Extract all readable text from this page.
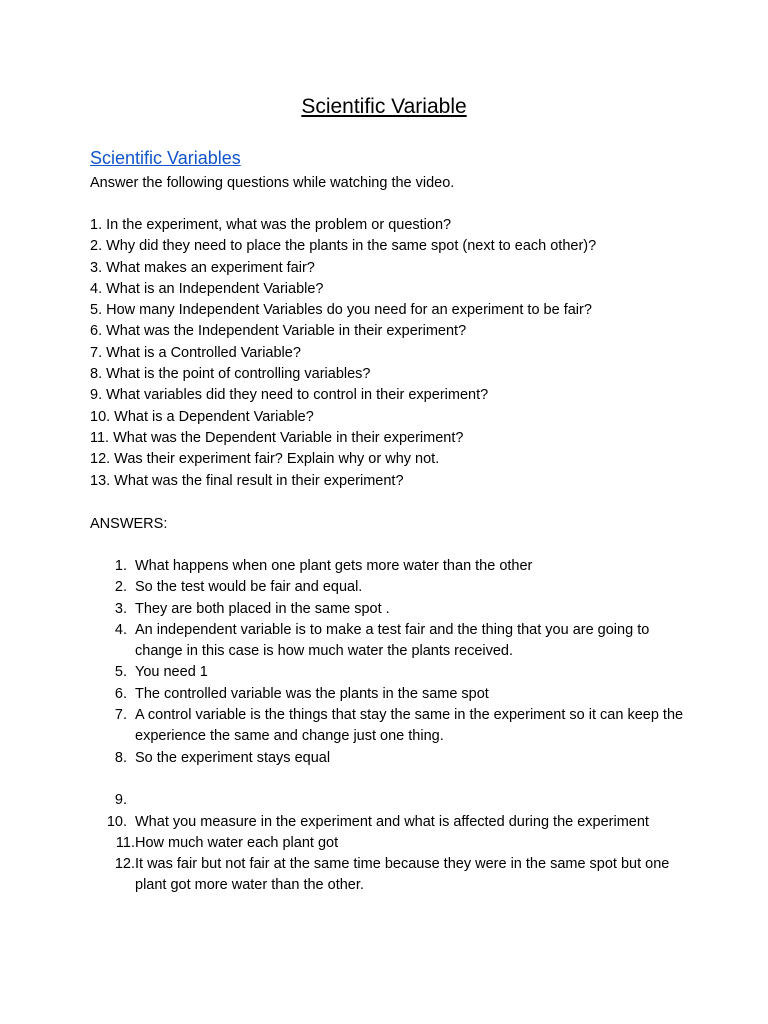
Scientific Variable
Scientific Variables
Answer the following questions while watching the video.
1. In the experiment, what was the problem or question?
2. Why did they need to place the plants in the same spot (next to each other)?
3. What makes an experiment fair?
4. What is an Independent Variable?
5. How many Independent Variables do you need for an experiment to be fair?
6. What was the Independent Variable in their experiment?
7. What is a Controlled Variable?
8. What is the point of controlling variables?
9. What variables did they need to control in their experiment?
10. What is a Dependent Variable?
11. What was the Dependent Variable in their experiment?
12. Was their experiment fair? Explain why or why not.
13. What was the final result in their experiment?
ANSWERS:
1. What happens when one plant gets more water than the other
2. So the test would be fair and equal.
3. They are both placed in the same spot .
4. An independent variable is to make a test fair and the thing that you are going to change in this case is how much water the plants received.
5. You need 1
6. The controlled variable was the plants in the same spot
7. A control variable is the things that stay the same in the experiment so it can keep the experience the same and change just one thing.
8. So the experiment stays equal
9.

10. What you measure in the experiment and what is affected during the experiment
11. How much water each plant got
12. It was fair but not fair at the same time because they were in the same spot but one plant got more water than the other.
